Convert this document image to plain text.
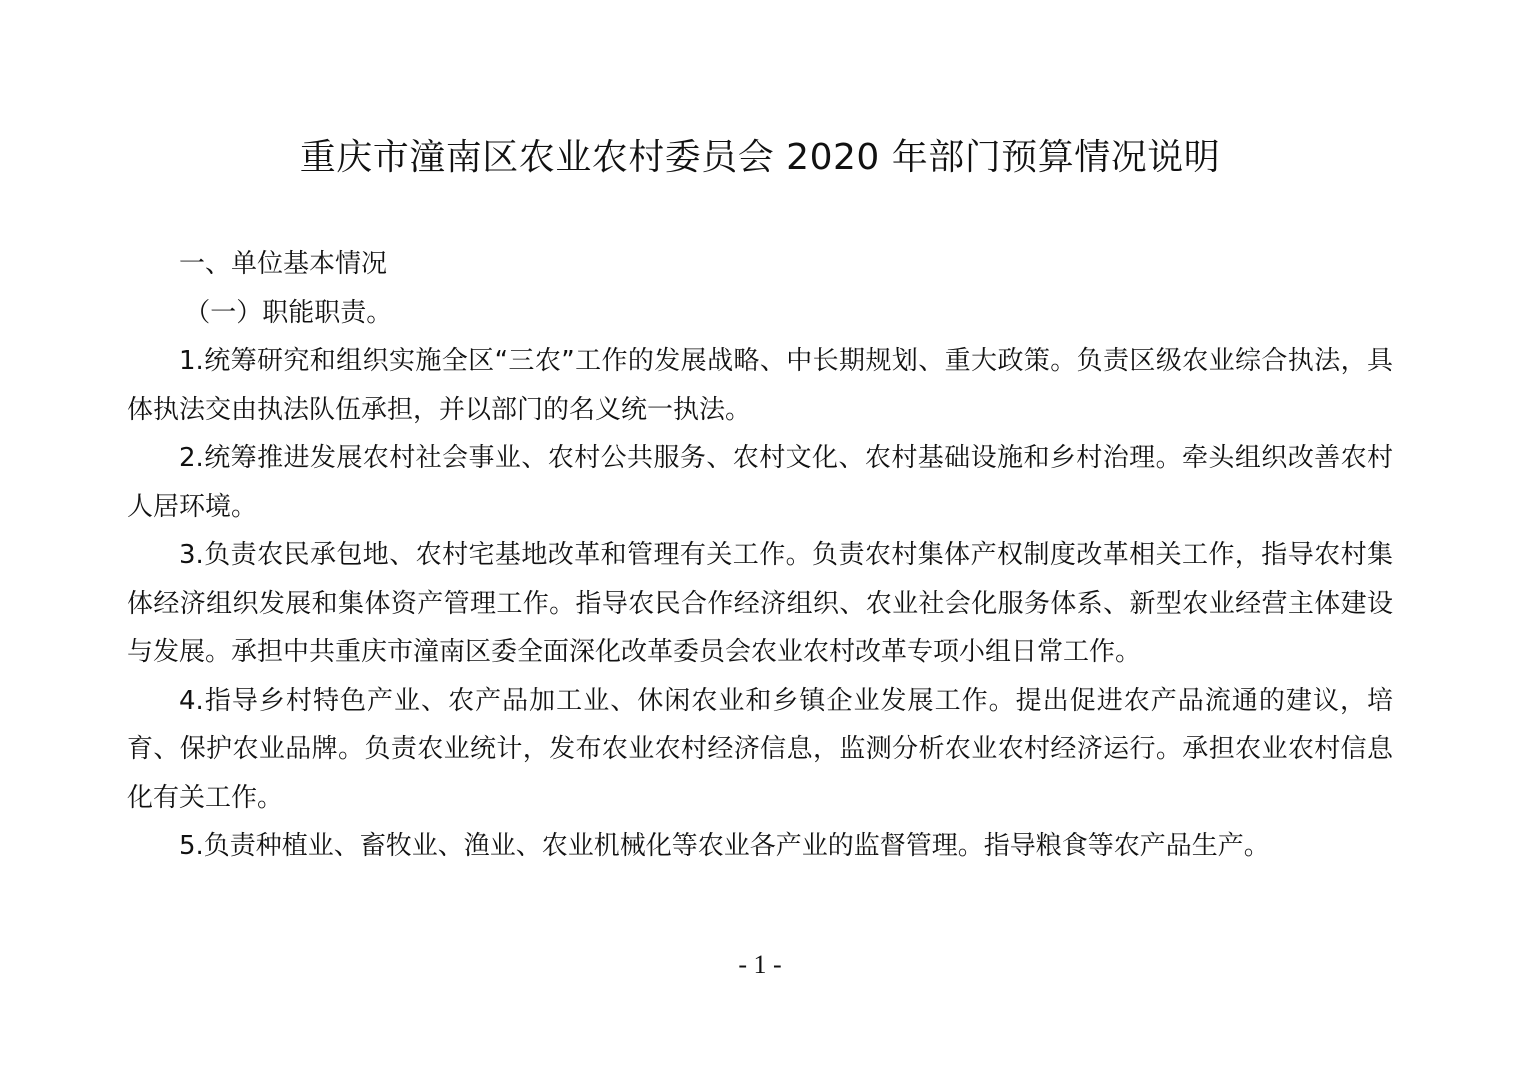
重庆市潼南区农业农村委员会 2020 年部门预算情况说明

一、单位基本情况

（一）职能职责。

1.统筹研究和组织实施全区“三农”工作的发展战略、中长期规划、重大政策。负责区级农业综合执法，具体执法交由执法队伍承担，并以部门的名义统一执法。

2.统筹推进发展农村社会事业、农村公共服务、农村文化、农村基础设施和乡村治理。牵头组织改善农村人居环境。

3.负责农民承包地、农村宅基地改革和管理有关工作。负责农村集体产权制度改革相关工作，指导农村集体经济组织发展和集体资产管理工作。指导农民合作经济组织、农业社会化服务体系、新型农业经营主体建设与发展。承担中共重庆市潼南区委全面深化改革委员会农业农村改革专项小组日常工作。

4.指导乡村特色产业、农产品加工业、休闲农业和乡镇企业发展工作。提出促进农产品流通的建议，培育、保护农业品牌。负责农业统计，发布农业农村经济信息，监测分析农业农村经济运行。承担农业农村信息化有关工作。

5.负责种植业、畜牧业、渔业、农业机械化等农业各产业的监督管理。指导粮食等农产品生产。

- 1 -
